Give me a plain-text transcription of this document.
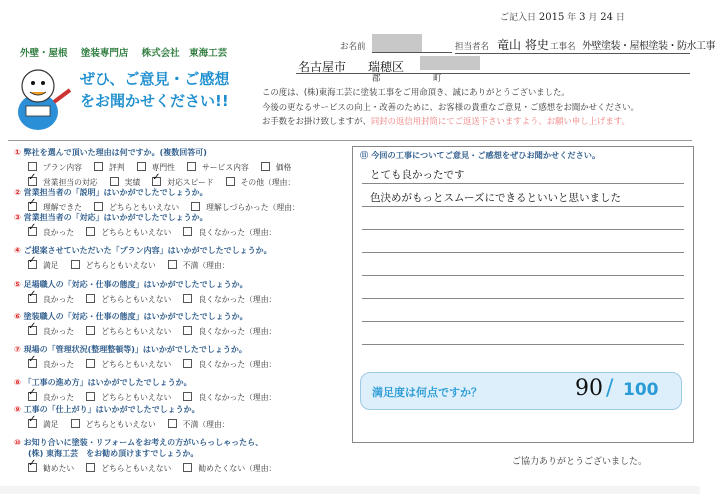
ご記入日 2015 年 3 月 24 日
外壁・屋根 塗装専門店 株式会社　東海工芸
ぜひ、ご意見・ご感想
をお聞かせください!!
お名前	担当者名 竜山 将史 工事名 外壁塗装・屋根塗装・防水工事
名古屋市 瑞穂区
郡	町
この度は、(株)東海工芸に塗装工事をご用命頂き、誠にありがとうございました。
今後の更なるサービスの向上・改善のために、お客様の貴重なご意見・ご感想をお聞かせください。
お手数をお掛け致しますが、同封の返信用封筒にてご返送下さいますよう、お願い申し上げます。
① 弊社を選んで頂いた理由は何ですか。(複数回答可)
プラン内容	評判	専門性	サービス内容	価格
✓営業担当の対応	実績✓	対応スピード	その他（理由：
② 営業担当者の「説明」はいかがでしたでしょうか。
✓理解できた	どちらともいえない	理解しづらかった（理由：
③ 営業担当者の「対応」はいかがでしたでしょうか。
✓良かった	どちらともいえない	良くなかった（理由：
④ ご提案させていただいた「プラン内容」はいかがでしたでしょうか。
✓満足	どちらともいえない	不満（理由：
⑤ 足場職人の「対応・仕事の態度」はいかがでしたでしょうか。
✓良かった	どちらともいえない	良くなかった（理由：
⑥ 塗装職人の「対応・仕事の態度」はいかがでしたでしょうか。
✓良かった	どちらともいえない	良くなかった（理由：
⑦ 現場の「管理状況(整理整頓等)」はいかがでしたでしょうか。
✓良かった	どちらともいえない	良くなかった（理由：
⑧ 「工事の進め方」はいかがでしたでしょうか。
✓良かった	どちらともいえない	良くなかった（理由：
⑨ 工事の「仕上がり」はいかがでしたでしょうか。
✓満足	どちらともいえない	不満（理由：
⑩ お知り合いに塗装・リフォームをお考えの方がいらっしゃったら、
(株) 東海工芸　をお勧め頂けますでしょうか。
✓勧めたい	どちらともいえない	勧めたくない（理由：
⑪ 今回の工事についてご意見・ご感想をぜひお聞かせください。
とても良かったです
色決めがもっとスムーズにできるといいと思いました
満足度は何点ですか？	90 / 100
ご協力ありがとうございました。
